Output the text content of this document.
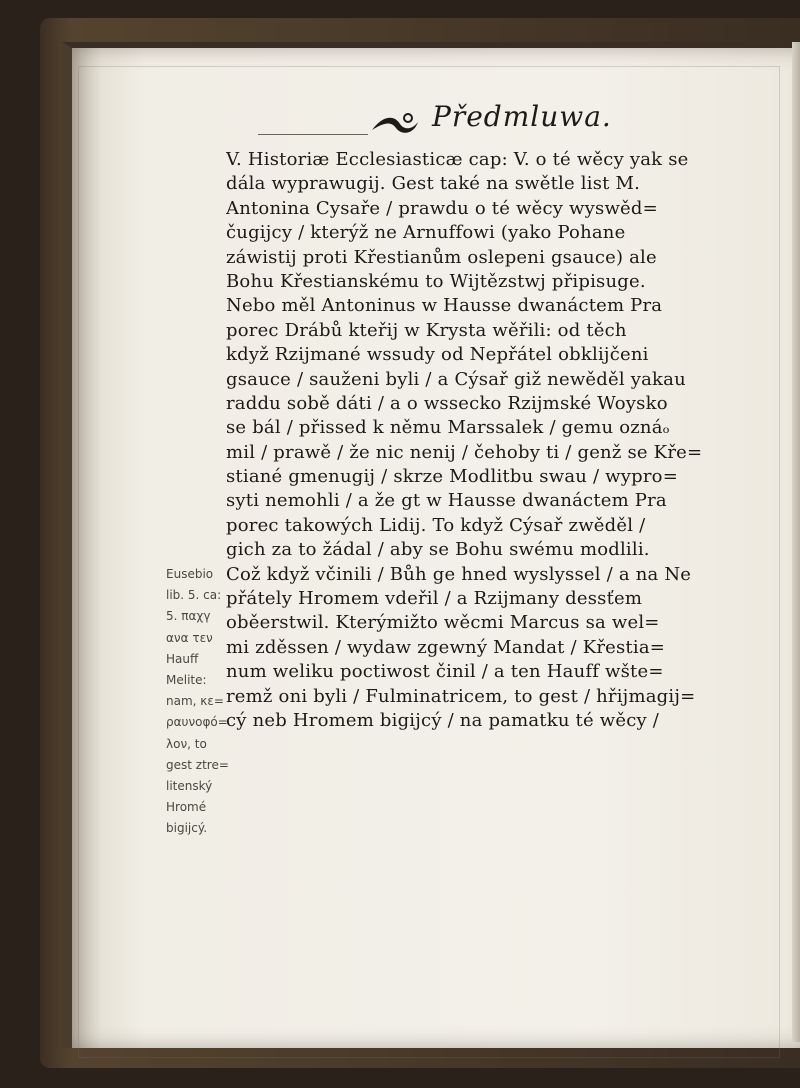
Předmluwa.
V. Historiæ Ecclesiasticæ cap: V. o té wěcy yak se
dála wyprawugij. Gest také na swětle list M.
Antonina Cysaře / prawdu o té wěcy wyswěd=
čugijcy / kterýž ne Arnuffowi (yako Pohane
záwistij proti Křestianům oslepeni gsauce) ale
Bohu Křestianskému to Wijtězstwj připisuge.
Nebo měl Antoninus w Hausse dwanáctem Pra
porec Drábů kteřij w Krysta wěřili: od těch
když Rzijmané wssudy od Nepřátel obklijčeni
gsauce / sauženi byli / a Cýsař giž newěděl yakau
raddu sobě dáti / a o wssecko Rzijmské Woysko
se bál / přissed k němu Marssalek / gemu oznáₒ
mil / prawě / že nic nenij / čehoby ti / genž se Kře=
stiané gmenugij / skrze Modlitbu swau / wypro=
syti nemohli / a že gt w Hausse dwanáctem Pra
porec takowých Lidij. To když Cýsař zwěděl /
gich za to žádal / aby se Bohu swému modlili.
Což když včinili / Bůh ge hned wyslyssel / a na Ne
přátely Hromem vdeřil / a Rzijmany dessťem
oběerstwil. Kterýmižto wěcmi Marcus sa wel=
mi zděssen / wydaw zgewný Mandat / Křestia=
num weliku poctiwost činil / a ten Hauff wšte=
remž oni byli / Fulminatricem, to gest / hřijmagij=
cý neb Hromem bigijcý / na pamatku té wěcy /
Eusebio
lib. 5. ca:
5. παχγ
ανα τεν
Hauff
Melite:
nam, κε=
ραυνοφό=
λον, to
gest ztre=
litenský
Hromé
bigijcý.
